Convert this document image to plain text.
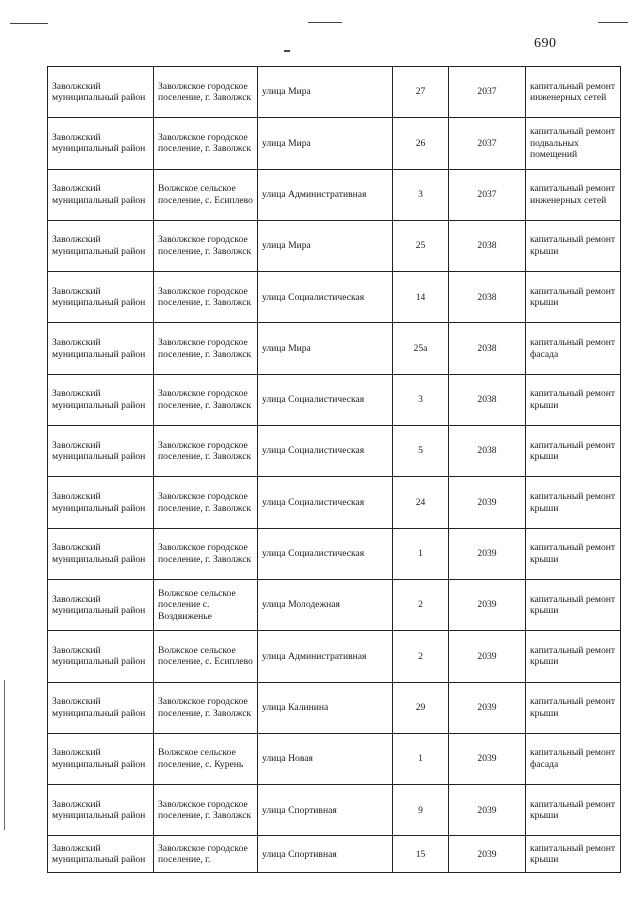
690
Заволжский муниципальный район	Заволжское городское поселение, г. Заволжск	улица Мира	27	2037	капитальный ремонт инженерных сетей
Заволжский муниципальный район	Заволжское городское поселение, г. Заволжск	улица Мира	26	2037	капитальный ремонт подвальных помещений
Заволжский муниципальный район	Волжское сельское поселение, с. Есиплево	улица Административная	3	2037	капитальный ремонт инженерных сетей
Заволжский муниципальный район	Заволжское городское поселение, г. Заволжск	улица Мира	25	2038	капитальный ремонт крыши
Заволжский муниципальный район	Заволжское городское поселение, г. Заволжск	улица Социалистическая	14	2038	капитальный ремонт крыши
Заволжский муниципальный район	Заволжское городское поселение, г. Заволжск	улица Мира	25а	2038	капитальный ремонт фасада
Заволжский муниципальный район	Заволжское городское поселение, г. Заволжск	улица Социалистическая	3	2038	капитальный ремонт крыши
Заволжский муниципальный район	Заволжское городское поселение, г. Заволжск	улица Социалистическая	5	2038	капитальный ремонт крыши
Заволжский муниципальный район	Заволжское городское поселение, г. Заволжск	улица Социалистическая	24	2039	капитальный ремонт крыши
Заволжский муниципальный район	Заволжское городское поселение, г. Заволжск	улица Социалистическая	1	2039	капитальный ремонт крыши
Заволжский муниципальный район	Волжское сельское поселение с. Воздвиженье	улица Молодежная	2	2039	капитальный ремонт крыши
Заволжский муниципальный район	Волжское сельское поселение, с. Есиплево	улица Административная	2	2039	капитальный ремонт крыши
Заволжский муниципальный район	Заволжское городское поселение, г. Заволжск	улица Калинина	29	2039	капитальный ремонт крыши
Заволжский муниципальный район	Волжское сельское поселение, с. Курень	улица Новая	1	2039	капитальный ремонт фасада
Заволжский муниципальный район	Заволжское городское поселение, г. Заволжск	улица Спортивная	9	2039	капитальный ремонт крыши
Заволжский муниципальный район	Заволжское городское поселение, г.	улица Спортивная	15	2039	капитальный ремонт крыши
